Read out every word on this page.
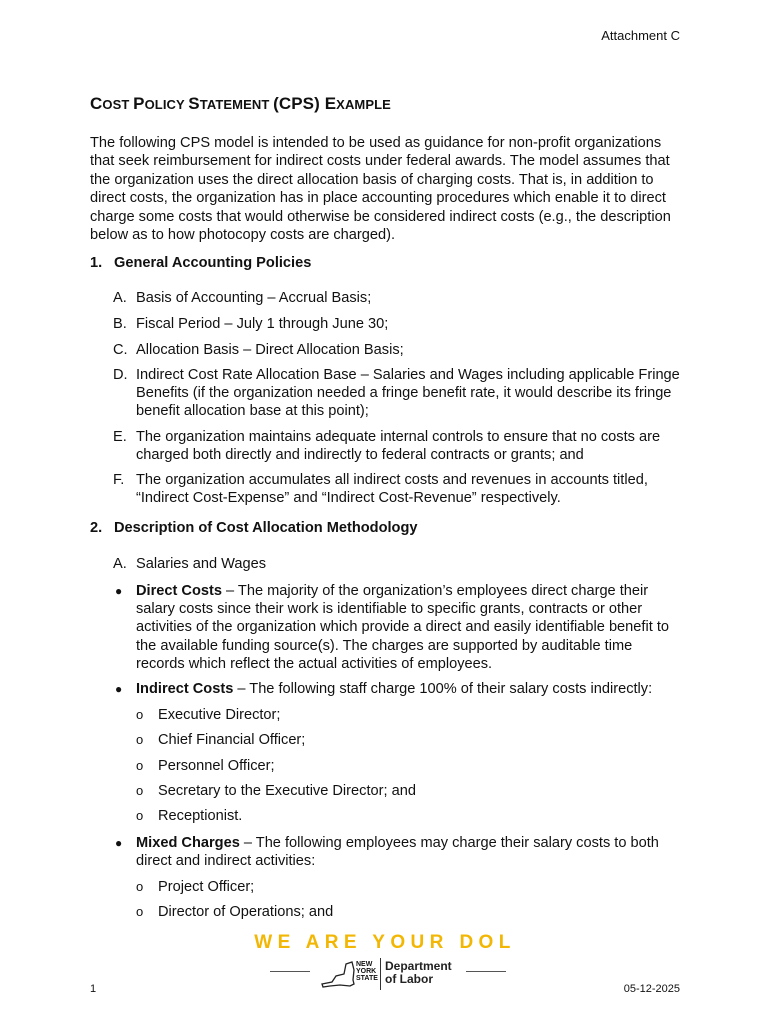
Attachment C
COST POLICY STATEMENT (CPS) EXAMPLE

The following CPS model is intended to be used as guidance for non-profit organizations that seek reimbursement for indirect costs under federal awards. The model assumes that the organization uses the direct allocation basis of charging costs. That is, in addition to direct costs, the organization has in place accounting procedures which enable it to direct charge some costs that would otherwise be considered indirect costs (e.g., the description below as to how photocopy costs are charged).

1. General Accounting Policies
A. Basis of Accounting – Accrual Basis;
B. Fiscal Period – July 1 through June 30;
C. Allocation Basis – Direct Allocation Basis;
D. Indirect Cost Rate Allocation Base – Salaries and Wages including applicable Fringe Benefits (if the organization needed a fringe benefit rate, it would describe its fringe benefit allocation base at this point);
E. The organization maintains adequate internal controls to ensure that no costs are charged both directly and indirectly to federal contracts or grants; and
F. The organization accumulates all indirect costs and revenues in accounts titled, “Indirect Cost-Expense” and “Indirect Cost-Revenue” respectively.
2. Description of Cost Allocation Methodology
A. Salaries and Wages
● Direct Costs – The majority of the organization’s employees direct charge their salary costs since their work is identifiable to specific grants, contracts or other activities of the organization which provide a direct and easily identifiable benefit to the available funding source(s). The charges are supported by auditable time records which reflect the actual activities of employees.
● Indirect Costs – The following staff charge 100% of their salary costs indirectly:
o Executive Director;
o Chief Financial Officer;
o Personnel Officer;
o Secretary to the Executive Director; and
o Receptionist.
● Mixed Charges – The following employees may charge their salary costs to both direct and indirect activities:
o Project Officer;
o Director of Operations; and
WE ARE YOUR DOL
NEW
YORK
STATE
Department
of Labor
1	05-12-2025
